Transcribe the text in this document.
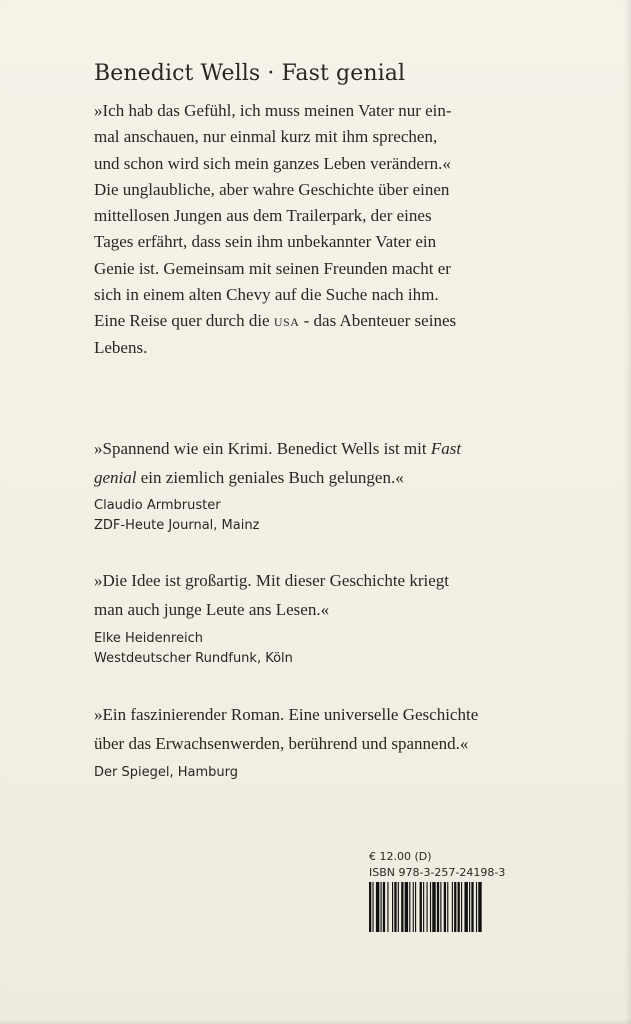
Benedict Wells · Fast genial
»Ich hab das Gefühl, ich muss meinen Vater nur ein-
mal anschauen, nur einmal kurz mit ihm sprechen,
und schon wird sich mein ganzes Leben verändern.«
Die unglaubliche, aber wahre Geschichte über einen
mittellosen Jungen aus dem Trailerpark, der eines
Tages erfährt, dass sein ihm unbekannter Vater ein
Genie ist. Gemeinsam mit seinen Freunden macht er
sich in einem alten Chevy auf die Suche nach ihm.
Eine Reise quer durch die usa - das Abenteuer seines
Lebens.
»Spannend wie ein Krimi. Benedict Wells ist mit Fast
genial ein ziemlich geniales Buch gelungen.«
Claudio Armbruster
ZDF-Heute Journal, Mainz
»Die Idee ist großartig. Mit dieser Geschichte kriegt
man auch junge Leute ans Lesen.«
Elke Heidenreich
Westdeutscher Rundfunk, Köln
»Ein faszinierender Roman. Eine universelle Geschichte
über das Erwachsenwerden, berührend und spannend.«
Der Spiegel, Hamburg
€ 12.00 (D)
ISBN 978-3-257-24198-3
